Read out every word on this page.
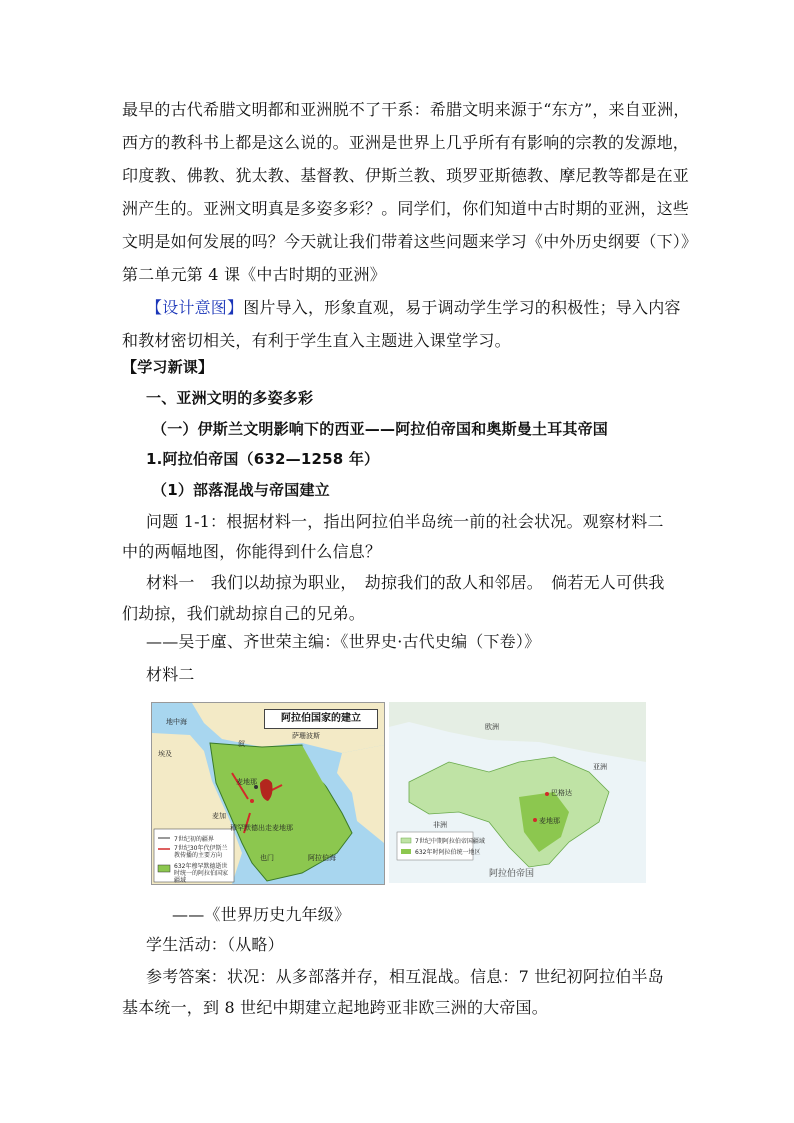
最早的古代希腊文明都和亚洲脱不了干系：希腊文明来源于“东方”，来自亚洲，
西方的教科书上都是这么说的。亚洲是世界上几乎所有有影响的宗教的发源地，
印度教、佛教、犹太教、基督教、伊斯兰教、琐罗亚斯德教、摩尼教等都是在亚
洲产生的。亚洲文明真是多姿多彩？。同学们，你们知道中古时期的亚洲，这些
文明是如何发展的吗？今天就让我们带着这些问题来学习《中外历史纲要（下）》
第二单元第 4 课《中古时期的亚洲》
【设计意图】图片导入，形象直观，易于调动学生学习的积极性；导入内容
和教材密切相关，有利于学生直入主题进入课堂学习。
【学习新课】
一、亚洲文明的多姿多彩
（一）伊斯兰文明影响下的西亚——阿拉伯帝国和奥斯曼土耳其帝国
1.阿拉伯帝国（632—1258 年）
（1）部落混战与帝国建立
问题 1-1：根据材料一，指出阿拉伯半岛统一前的社会状况。观察材料二
中的两幅地图，你能得到什么信息？
材料一　我们以劫掠为职业，　劫掠我们的敌人和邻居。　倘若无人可供我
们劫掠，我们就劫掠自己的兄弟。
——吴于廑、齐世荣主编：《世界史·古代史编（下卷）》
材料二
阿拉伯国家的建立
地中海
叙
萨珊波斯
埃及
麦加
麦地那
也门	阿拉伯海
穆罕默德出走麦地那
7世纪初的疆界
7世纪30年代伊斯兰教传播的主要方向
632年穆罕默德逝世时统一的阿拉伯国家疆域
欧洲
亚洲
非洲
巴格达
麦地那
7世纪中期阿拉伯帝国疆域
632年时阿拉伯统一地区
阿拉伯帝国
——《世界历史九年级》
学生活动：（从略）
参考答案：状况：从多部落并存，相互混战。信息：7 世纪初阿拉伯半岛
基本统一，到 8 世纪中期建立起地跨亚非欧三洲的大帝国。
